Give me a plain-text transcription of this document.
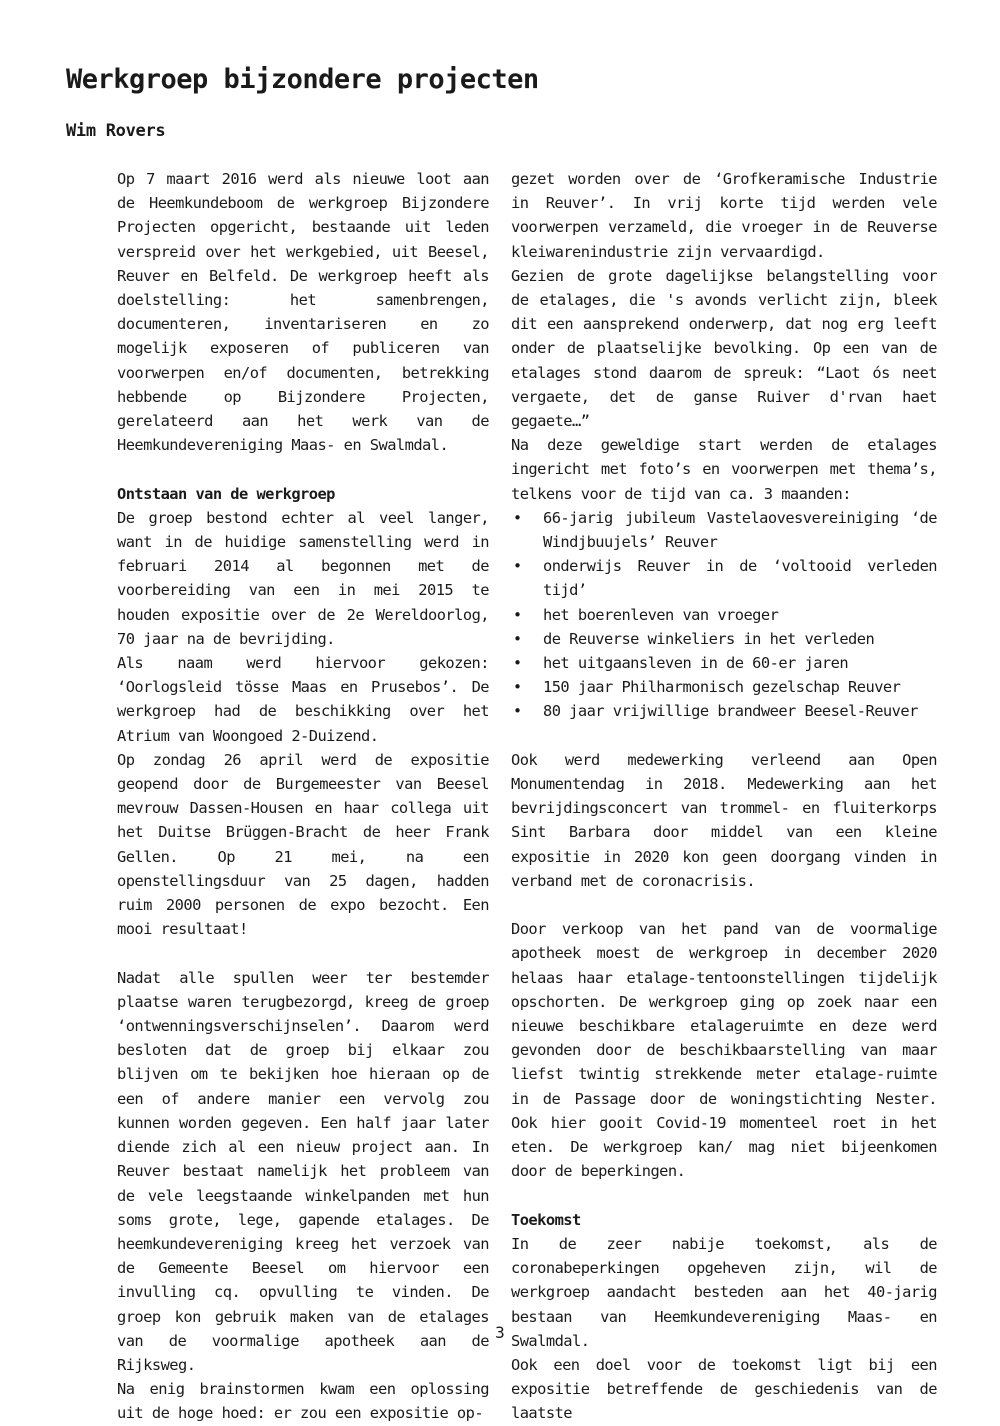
Werkgroep bijzondere projecten
Wim Rovers

Op 7 maart 2016 werd als nieuwe loot aan de Heemkundeboom de werkgroep Bijzondere Projecten opgericht, bestaande uit leden verspreid over het werkgebied, uit Beesel, Reuver en Belfeld. De werkgroep heeft als doelstelling: het samenbrengen, documenteren, inventariseren en zo mogelijk exposeren of publiceren van voorwerpen en/of documenten, betrekking hebbende op Bijzondere Projecten, gerelateerd aan het werk van de Heemkundevereniging Maas- en Swalmdal.

Ontstaan van de werkgroep

De groep bestond echter al veel langer, want in de huidige samenstelling werd in februari 2014 al begonnen met de voorbereiding van een in mei 2015 te houden expositie over de 2e Wereldoorlog, 70 jaar na de bevrijding.

Als naam werd hiervoor gekozen: ‘Oorlogsleid tösse Maas en Prusebos’. De werkgroep had de beschikking over het Atrium van Woongoed 2-Duizend.

Op zondag 26 april werd de expositie geopend door de Burgemeester van Beesel mevrouw Dassen-Housen en haar collega uit het Duitse Brüggen-Bracht de heer Frank Gellen. Op 21 mei, na een openstellingsduur van 25 dagen, hadden ruim 2000 personen de expo bezocht. Een mooi resultaat!

Nadat alle spullen weer ter bestemder plaatse waren terugbezorgd, kreeg de groep ‘ontwenningsverschijnselen’. Daarom werd besloten dat de groep bij elkaar zou blijven om te bekijken hoe hieraan op de een of andere manier een vervolg zou kunnen worden gegeven. Een half jaar later diende zich al een nieuw project aan. In Reuver bestaat namelijk het probleem van de vele leegstaande winkelpanden met hun soms grote, lege, gapende etalages. De heemkundevereniging kreeg het verzoek van de Gemeente Beesel om hiervoor een invulling cq. opvulling te vinden. De groep kon gebruik maken van de etalages van de voormalige apotheek aan de Rijksweg.

Na enig brainstormen kwam een oplossing uit de hoge hoed: er zou een expositie op-

gezet worden over de ‘Grofkeramische Industrie in Reuver’. In vrij korte tijd werden vele voorwerpen verzameld, die vroeger in de Reuverse kleiwarenindustrie zijn vervaardigd.

Gezien de grote dagelijkse belangstelling voor de etalages, die 's avonds verlicht zijn, bleek dit een aansprekend onderwerp, dat nog erg leeft onder de plaatselijke bevolking. Op een van de etalages stond daarom de spreuk: “Laot ós neet vergaete, det de ganse Ruiver d'rvan haet gegaete…”

Na deze geweldige start werden de etalages ingericht met foto’s en voorwerpen met thema’s, telkens voor de tijd van ca. 3 maanden:

• 66-jarig jubileum Vastelaovesvereiniging ‘de Windjbuujels’ Reuver
• onderwijs Reuver in de ‘voltooid verleden tijd’
• het boerenleven van vroeger
• de Reuverse winkeliers in het verleden
• het uitgaansleven in de 60-er jaren
• 150 jaar Philharmonisch gezelschap Reuver
• 80 jaar vrijwillige brandweer Beesel-Reuver

Ook werd medewerking verleend aan Open Monumentendag in 2018. Medewerking aan het bevrijdingsconcert van trommel- en fluiterkorps Sint Barbara door middel van een kleine expositie in 2020 kon geen doorgang vinden in verband met de coronacrisis.

Door verkoop van het pand van de voormalige apotheek moest de werkgroep in december 2020 helaas haar etalage-tentoonstellingen tijdelijk opschorten. De werkgroep ging op zoek naar een nieuwe beschikbare etalageruimte en deze werd gevonden door de beschikbaarstelling van maar liefst twintig strekkende meter etalage-ruimte in de Passage door de woningstichting Nester. Ook hier gooit Covid-19 momenteel roet in het eten. De werkgroep kan/ mag niet bijeenkomen door de beperkingen.

Toekomst

In de zeer nabije toekomst, als de coronabeperkingen opgeheven zijn, wil de werkgroep aandacht besteden aan het 40-jarig bestaan van Heemkundevereniging Maas- en Swalmdal.

Ook een doel voor de toekomst ligt bij een expositie betreffende de geschiedenis van de laatste

3
